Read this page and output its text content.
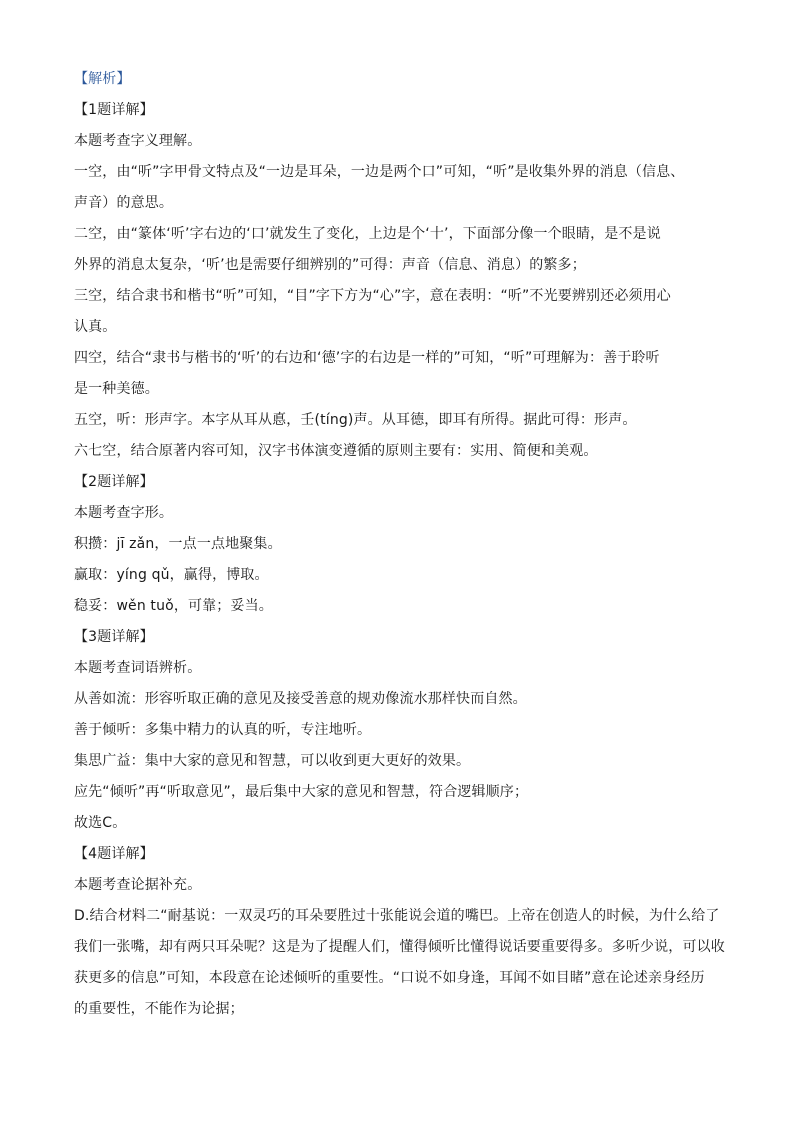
【解析】
【1题详解】
本题考查字义理解。
一空，由“听”字甲骨文特点及“一边是耳朵，一边是两个口”可知，“听”是收集外界的消息（信息、
声音）的意思。
二空，由“篆体‘听’字右边的‘口’就发生了变化，上边是个‘十’，下面部分像一个眼睛，是不是说
外界的消息太复杂，‘听’也是需要仔细辨别的”可得：声音（信息、消息）的繁多；
三空，结合隶书和楷书“听”可知，“目”字下方为“心”字，意在表明：“听”不光要辨别还必须用心
认真。
四空，结合“隶书与楷书的‘听’的右边和‘德’字的右边是一样的”可知，“听”可理解为：善于聆听
是一种美德。
五空，听：形声字。本字从耳从悳，壬(tíng)声。从耳德，即耳有所得。据此可得：形声。
六七空，结合原著内容可知，汉字书体演变遵循的原则主要有：实用、简便和美观。
【2题详解】
本题考查字形。
积攒：jī zǎn，一点一点地聚集。
赢取：yíng qǔ，赢得，博取。
稳妥：wěn tuǒ，可靠；妥当。
【3题详解】
本题考查词语辨析。
从善如流：形容听取正确的意见及接受善意的规劝像流水那样快而自然。
善于倾听：多集中精力的认真的听，专注地听。
集思广益：集中大家的意见和智慧，可以收到更大更好的效果。
应先“倾听”再“听取意见”，最后集中大家的意见和智慧，符合逻辑顺序；
故选C。
【4题详解】
本题考查论据补充。
D.结合材料二“耐基说：一双灵巧的耳朵要胜过十张能说会道的嘴巴。上帝在创造人的时候，为什么给了
我们一张嘴，却有两只耳朵呢？这是为了提醒人们，懂得倾听比懂得说话要重要得多。多听少说，可以收
获更多的信息”可知，本段意在论述倾听的重要性。“口说不如身逢，耳闻不如目睹”意在论述亲身经历
的重要性，不能作为论据；
